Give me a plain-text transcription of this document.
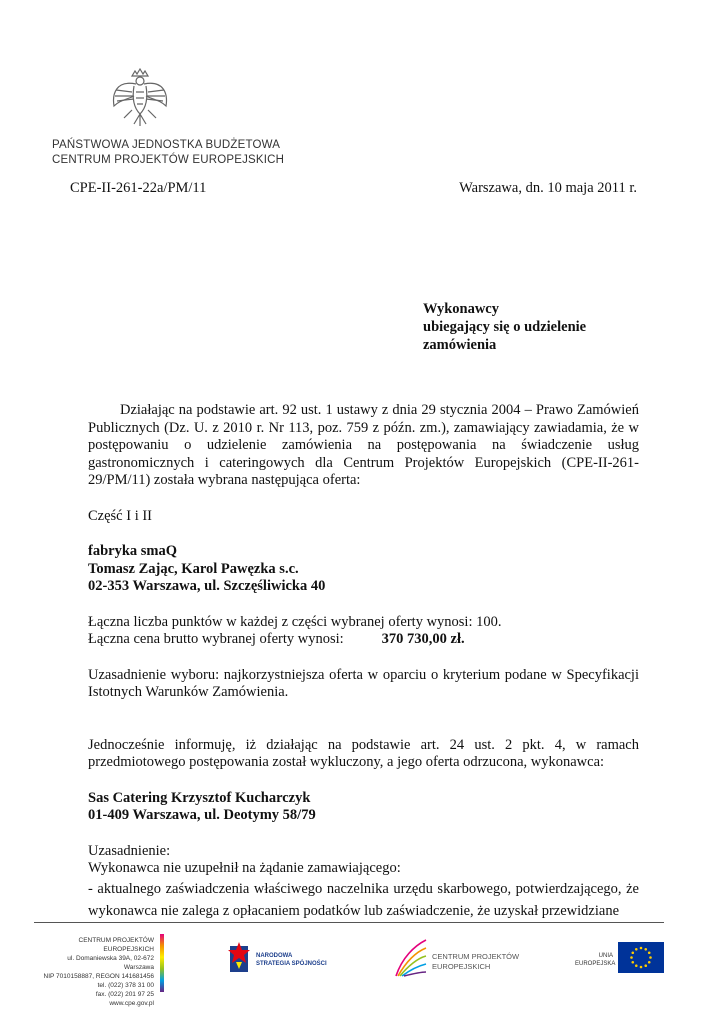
PAŃSTWOWA JEDNOSTKA BUDŻETOWA
CENTRUM PROJEKTÓW EUROPEJSKICH
CPE-II-261-22a/PM/11	Warszawa, dn. 10 maja 2011 r.
Wykonawcy
ubiegający się o udzielenie
zamówienia

Działając na podstawie art. 92 ust. 1 ustawy z dnia 29 stycznia 2004 – Prawo Zamówień Publicznych (Dz. U. z 2010 r. Nr 113, poz. 759 z późn. zm.), zamawiający zawiadamia, że w postępowaniu o udzielenie zamówienia na postępowania na świadczenie usług gastronomicznych i cateringowych dla Centrum Projektów Europejskich (CPE-II-261-29/PM/11) została wybrana następująca oferta:

Część I i II

fabryka smaQ

Tomasz Zając, Karol Pawęzka s.c.

02-353 Warszawa, ul. Szczęśliwicka 40

Łączna liczba punktów w każdej z części wybranej oferty wynosi: 100.

Łączna cena brutto wybranej oferty wynosi:	370 730,00 zł.

Uzasadnienie wyboru: najkorzystniejsza oferta w oparciu o kryterium podane w Specyfikacji Istotnych Warunków Zamówienia.

Jednocześnie informuję, iż działając na podstawie art. 24 ust. 2 pkt. 4, w ramach przedmiotowego postępowania został wykluczony, a jego oferta odrzucona, wykonawca:

Sas Catering Krzysztof Kucharczyk

01-409 Warszawa, ul. Deotymy 58/79

Uzasadnienie:

Wykonawca nie uzupełnił na żądanie zamawiającego:

- aktualnego zaświadczenia właściwego naczelnika urzędu skarbowego, potwierdzającego, że wykonawca nie zalega z opłacaniem podatków lub zaświadczenie, że uzyskał przewidziane

CENTRUM PROJEKTÓW EUROPEJSKICH
ul. Domaniewska 39A, 02-672 Warszawa
NIP 7010158887, REGON 141681456
tel. (022) 378 31 00
fax. (022) 201 97 25
www.cpe.gov.pl
NARODOWA
STRATEGIA SPÓJNOŚCI
CENTRUM PROJEKTÓW
EUROPEJSKICH
UNIA
EUROPEJSKA
